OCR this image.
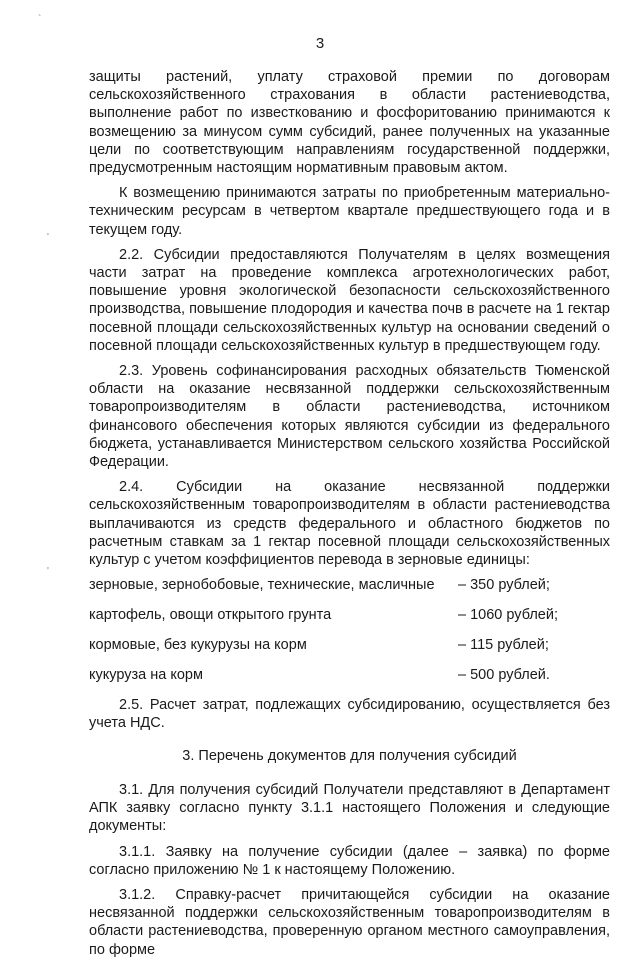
`
'
'
3

защиты растений, уплату страховой премии по договорам сельскохозяйственного страхования в области растениеводства, выполнение работ по известкованию и фосфоритованию принимаются к возмещению за минусом сумм субсидий, ранее полученных на указанные цели по соответствующим направлениям государственной поддержки, предусмотренным настоящим нормативным правовым актом.

К возмещению принимаются затраты по приобретенным материально-техническим ресурсам в четвертом квартале предшествующего года и в текущем году.

2.2. Субсидии предоставляются Получателям в целях возмещения части затрат на проведение комплекса агротехнологических работ, повышение уровня экологической безопасности сельскохозяйственного производства, повышение плодородия и качества почв в расчете на 1 гектар посевной площади сельскохозяйственных культур на основании сведений о посевной площади сельскохозяйственных культур в предшествующем году.

2.3. Уровень софинансирования расходных обязательств Тюменской области на оказание несвязанной поддержки сельскохозяйственным товаропроизводителям в области растениеводства, источником финансового обеспечения которых являются субсидии из федерального бюджета, устанавливается Министерством сельского хозяйства Российской Федерации.

2.4. Субсидии на оказание несвязанной поддержки сельскохозяйственным товаропроизводителям в области растениеводства выплачиваются из средств федерального и областного бюджетов по расчетным ставкам за 1 гектар посевной площади сельскохозяйственных культур с учетом коэффициентов перевода в зерновые единицы:

зерновые, зернобобовые, технические, масличные	– 350 рублей;
картофель, овощи открытого грунта	– 1060 рублей;
кормовые, без кукурузы на корм	– 115 рублей;
кукуруза на корм	– 500 рублей.

2.5. Расчет затрат, подлежащих субсидированию, осуществляется без учета НДС.

3. Перечень документов для получения субсидий

3.1. Для получения субсидий Получатели представляют в Департамент АПК заявку согласно пункту 3.1.1 настоящего Положения и следующие документы:

3.1.1. Заявку на получение субсидии (далее – заявка) по форме согласно приложению № 1 к настоящему Положению.

3.1.2. Справку-расчет причитающейся субсидии на оказание несвязанной поддержки сельскохозяйственным товаропроизводителям в области растениеводства, проверенную органом местного самоуправления, по форме
